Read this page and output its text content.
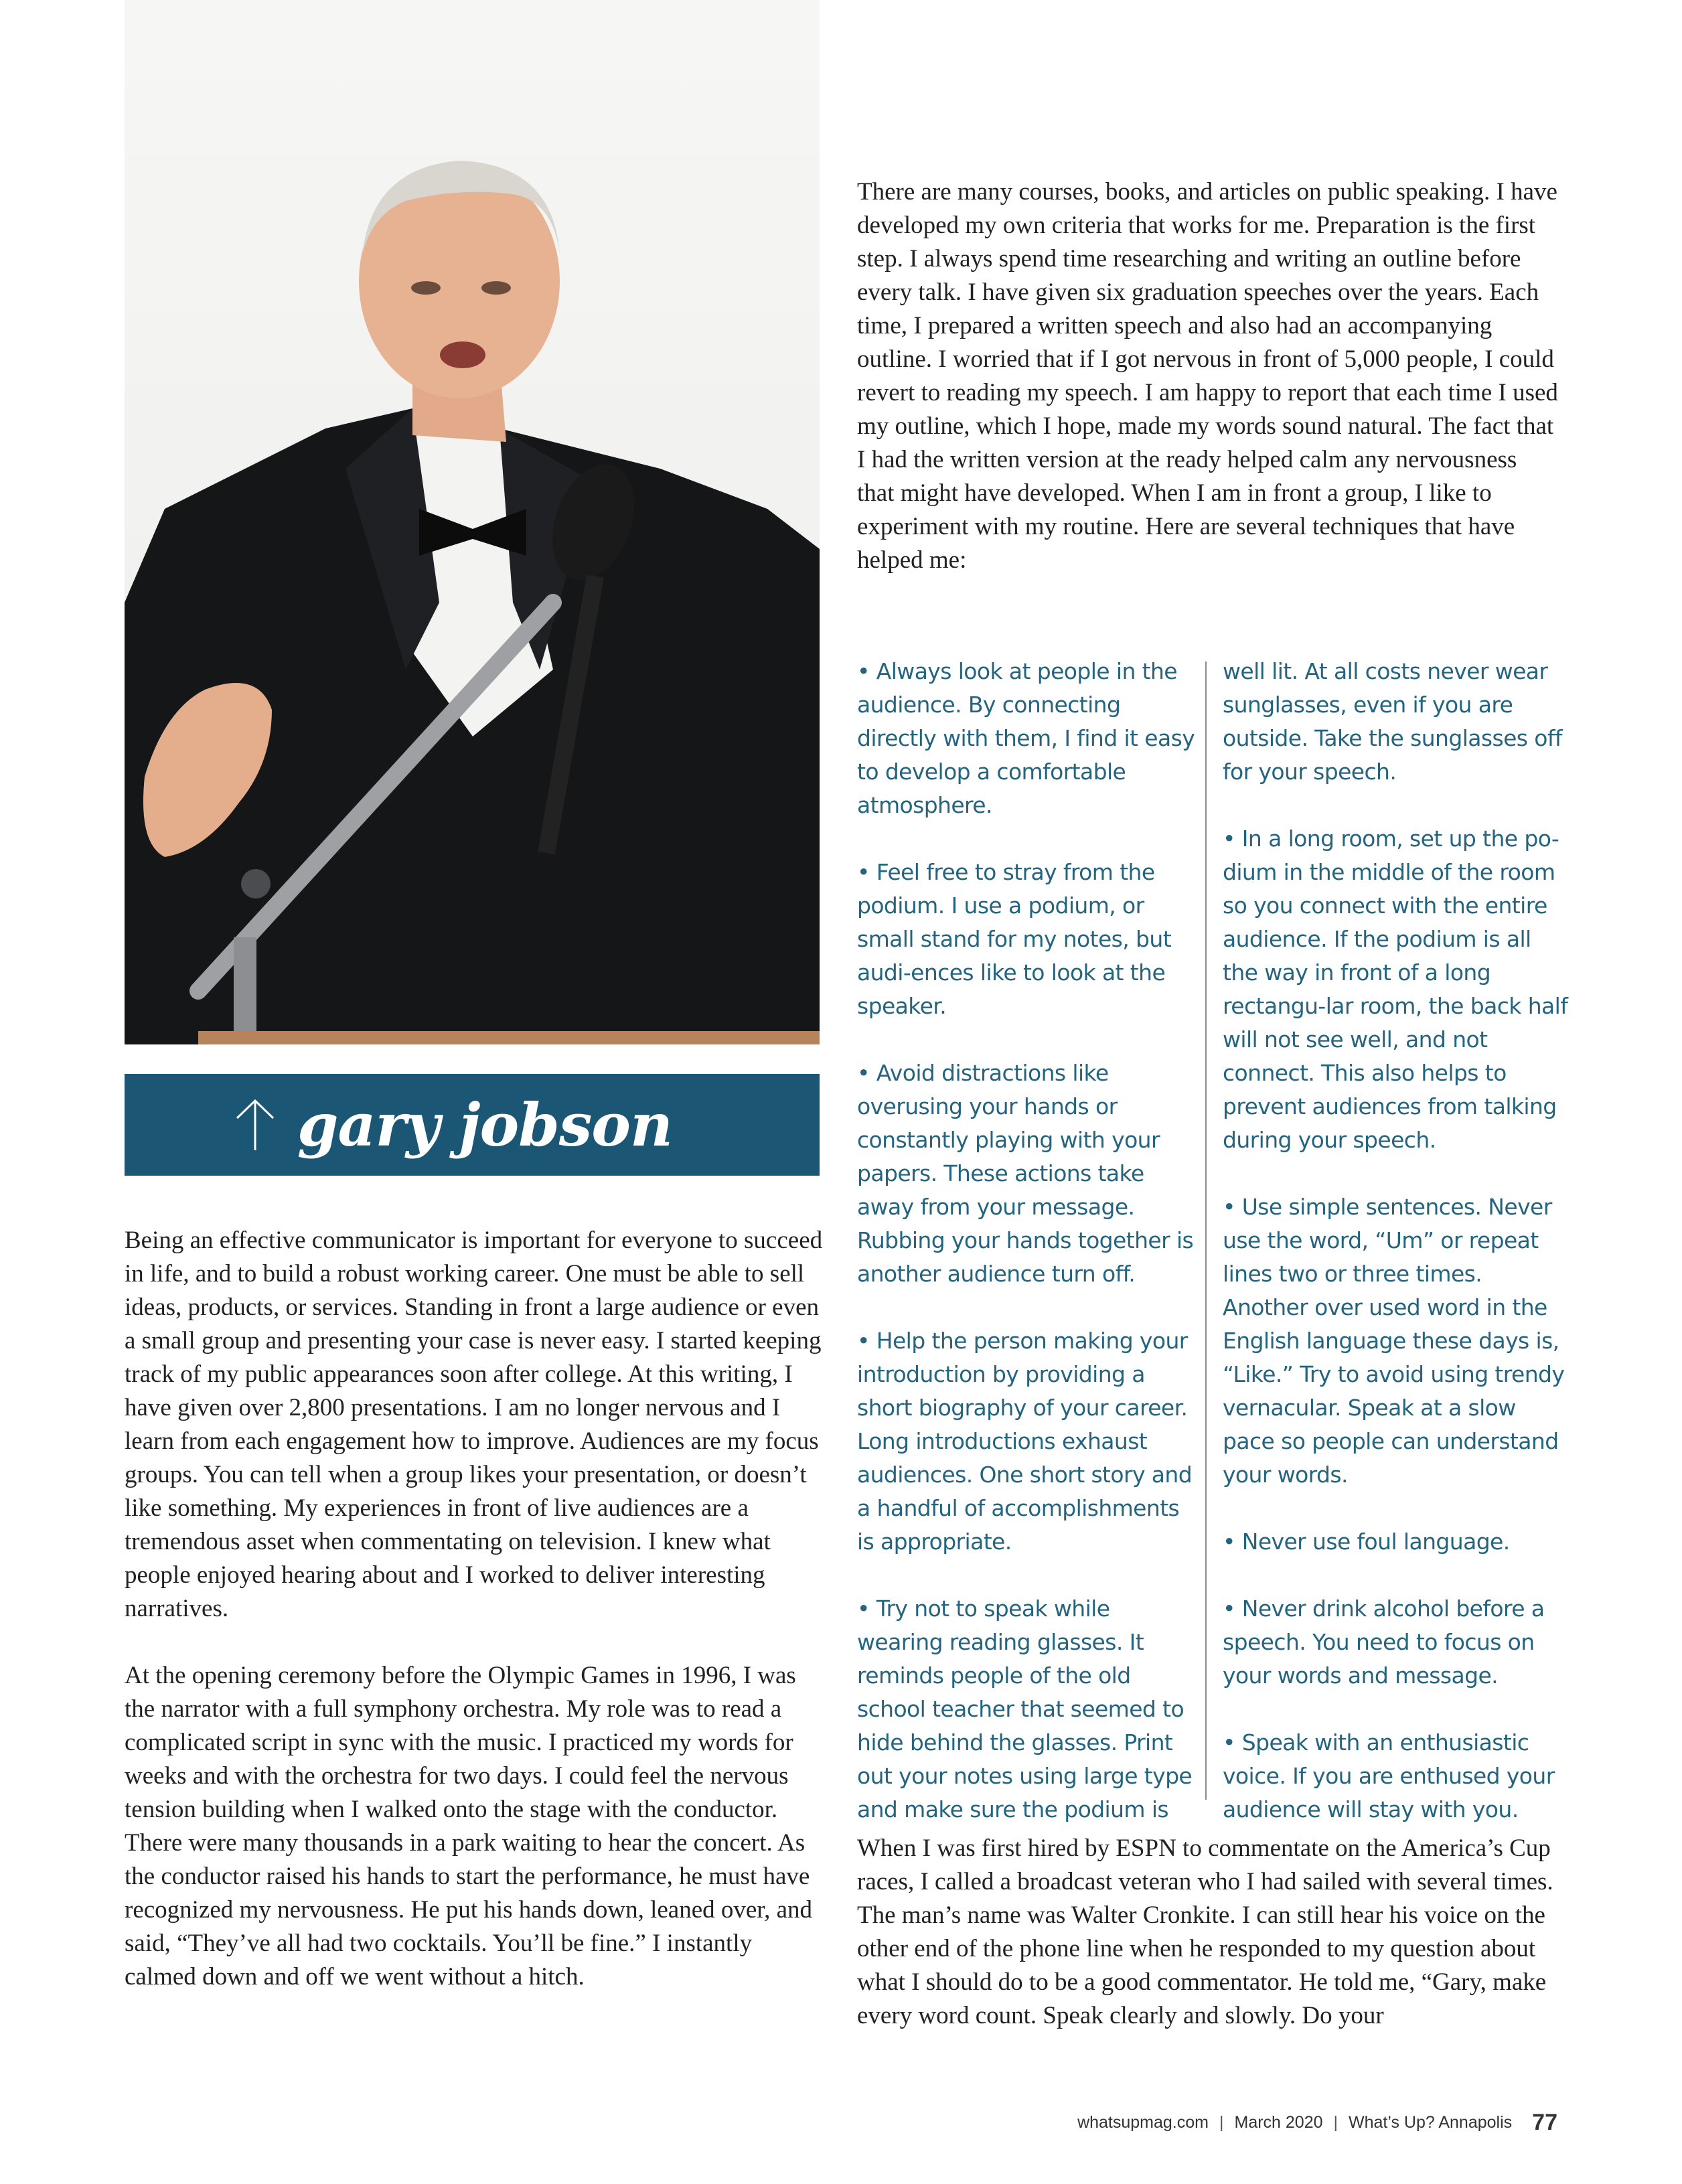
gary jobson

There are many courses, books, and articles on public speaking. I have developed my own criteria that works for me. Preparation is the first step. I always spend time researching and writing an outline before every talk. I have given six graduation speeches over the years. Each time, I prepared a written speech and also had an accompanying outline. I worried that if I got nervous in front of 5,000 people, I could revert to reading my speech. I am happy to report that each time I used my outline, which I hope, made my words sound natural. The fact that I had the written version at the ready helped calm any nervousness that might have developed. When I am in front a group, I like to experiment with my routine. Here are several techniques that have helped me:

Being an effective communicator is important for everyone to succeed in life, and to build a robust working career. One must be able to sell ideas, products, or services. Standing in front a large audience or even a small group and presenting your case is never easy. I started keeping track of my public appearances soon after college. At this writing, I have given over 2,800 presentations. I am no longer nervous and I learn from each engagement how to improve. Audiences are my focus groups. You can tell when a group likes your presentation, or doesn’t like something. My experiences in front of live audiences are a tremendous asset when commentating on television. I knew what people enjoyed hearing about and I worked to deliver interesting narratives.

At the opening ceremony before the Olympic Games in 1996, I was the narrator with a full symphony orchestra. My role was to read a complicated script in sync with the music. I practiced my words for weeks and with the orchestra for two days. I could feel the nervous tension building when I walked onto the stage with the conductor. There were many thousands in a park waiting to hear the concert. As the conductor raised his hands to start the performance, he must have recognized my nervousness. He put his hands down, leaned over, and said, “They’ve all had two cocktails. You’ll be fine.” I instantly calmed down and off we went without a hitch.

• Always look at people in the audience. By connecting directly with them, I find it easy to develop a comfortable atmosphere.

• Feel free to stray from the podium. I use a podium, or small stand for my notes, but audi-ences like to look at the speaker.

• Avoid distractions like overusing your hands or constantly playing with your papers. These actions take away from your message. Rubbing your hands together is another audience turn off.

• Help the person making your introduction by providing a short biography of your career. Long introductions exhaust audiences. One short story and a handful of accomplishments is appropriate.

• Try not to speak while wearing reading glasses. It reminds people of the old school teacher that seemed to hide behind the glasses. Print out your notes using large type and make sure the podium is

well lit. At all costs never wear sunglasses, even if you are outside. Take the sunglasses off for your speech.

• In a long room, set up the po-dium in the middle of the room so you connect with the entire audience. If the podium is all the way in front of a long rectangu-lar room, the back half will not see well, and not connect. This also helps to prevent audiences from talking during your speech.

• Use simple sentences. Never use the word, “Um” or repeat lines two or three times. Another over used word in the English language these days is, “Like.” Try to avoid using trendy vernacular. Speak at a slow pace so people can understand your words.

• Never use foul language.

• Never drink alcohol before a speech. You need to focus on your words and message.

• Speak with an enthusiastic voice. If you are enthused your audience will stay with you.

When I was first hired by ESPN to commentate on the America’s Cup races, I called a broadcast veteran who I had sailed with several times. The man’s name was Walter Cronkite. I can still hear his voice on the other end of the phone line when he responded to my question about what I should do to be a good commentator. He told me, “Gary, make every word count. Speak clearly and slowly. Do your

whatsupmag.com | March 2020 | What’s Up? Annapolis 77
